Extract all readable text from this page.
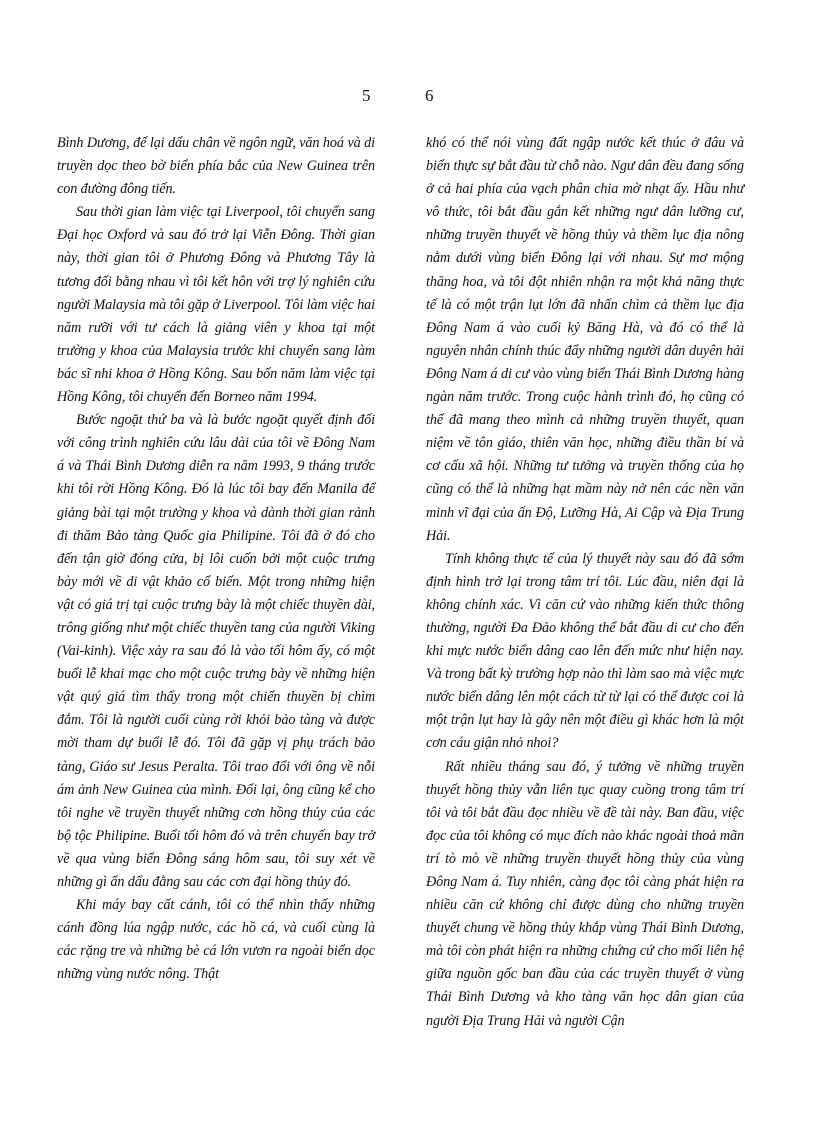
5	6

Bình Dương, để lại dấu chân về ngôn ngữ, văn hoá và di truyền dọc theo bờ biển phía bắc của New Guinea trên con đường đông tiến.

Sau thời gian làm việc tại Liverpool, tôi chuyển sang Đại học Oxford và sau đó trở lại Viễn Đông. Thời gian này, thời gian tôi ở Phương Đông và Phương Tây là tương đối bằng nhau vì tôi kết hôn với trợ lý nghiên cứu người Malaysia mà tôi gặp ở Liverpool. Tôi làm việc hai năm rưỡi với tư cách là giảng viên y khoa tại một trường y khoa của Malaysia trước khi chuyển sang làm bác sĩ nhi khoa ở Hồng Kông. Sau bốn năm làm việc tại Hồng Kông, tôi chuyển đến Borneo năm 1994.

Bước ngoặt thứ ba và là bước ngoặt quyết định đối với công trình nghiên cứu lâu dài của tôi về Đông Nam á và Thái Bình Dương diễn ra năm 1993, 9 tháng trước khi tôi rời Hồng Kông. Đó là lúc tôi bay đến Manila để giảng bài tại một trường y khoa và dành thời gian rảnh đi thăm Bảo tàng Quốc gia Philipine. Tôi đã ở đó cho đến tận giờ đóng cửa, bị lôi cuốn bởi một cuộc trưng bày mới về di vật khảo cổ biển. Một trong những hiện vật có giá trị tại cuộc trưng bày là một chiếc thuyền dài, trông giống như một chiếc thuyền tang của người Viking (Vai-kinh). Việc xảy ra sau đó là vào tối hôm ấy, có một buổi lễ khai mạc cho một cuộc trưng bày về những hiện vật quý giá tìm thấy trong một chiến thuyền bị chìm đắm. Tôi là người cuối cùng rời khỏi bảo tàng và được mời tham dự buổi lễ đó. Tôi đã gặp vị phụ trách bảo tàng, Giáo sư Jesus Peralta. Tôi trao đổi với ông về nỗi ám ảnh New Guinea của mình. Đổi lại, ông cũng kể cho tôi nghe về truyền thuyết những cơn hồng thủy của các bộ tộc Philipine. Buổi tối hôm đó và trên chuyến bay trở về qua vùng biển Đông sáng hôm sau, tôi suy xét về những gì ẩn dấu đằng sau các cơn đại hồng thủy đó.

Khi máy bay cất cánh, tôi có thể nhìn thấy những cánh đồng lúa ngập nước, các hồ cá, và cuối cùng là các rặng tre và những bè cá lớn vươn ra ngoài biển dọc những vùng nước nông. Thật

khó có thể nói vùng đất ngập nước kết thúc ở đâu và biển thực sự bắt đầu từ chỗ nào. Ngư dân đều đang sống ở cả hai phía của vạch phân chia mờ nhạt ấy. Hầu như vô thức, tôi bắt đầu gắn kết những ngư dân lưỡng cư, những truyền thuyết về hồng thủy và thềm lục địa nông nằm dưới vùng biển Đông lại với nhau. Sự mơ mộng thăng hoa, và tôi đột nhiên nhận ra một khả năng thực tế là có một trận lụt lớn đã nhấn chìm cả thềm lục địa Đông Nam á vào cuối kỷ Băng Hà, và đó có thể là nguyên nhân chính thúc đẩy những người dân duyên hải Đông Nam á di cư vào vùng biển Thái Bình Dương hàng ngàn năm trước. Trong cuộc hành trình đó, họ cũng có thể đã mang theo mình cả những truyền thuyết, quan niệm về tôn giáo, thiên văn học, những điều thần bí và cơ cấu xã hội. Những tư tưởng và truyền thống của họ cũng có thể là những hạt mầm này nở nên các nền văn minh vĩ đại của ấn Độ, Lưỡng Hà, Ai Cập và Địa Trung Hải.

Tính không thực tế của lý thuyết này sau đó đã sớm định hình trở lại trong tâm trí tôi. Lúc đầu, niên đại là không chính xác. Vì căn cứ vào những kiến thức thông thường, người Đa Đảo không thể bắt đầu di cư cho đến khi mực nước biển dâng cao lên đến mức như hiện nay. Và trong bất kỳ trường hợp nào thì làm sao mà việc mực nước biển dâng lên một cách từ từ lại có thể được coi là một trận lụt hay là gây nên một điều gì khác hơn là một cơn cáu giận nhỏ nhoi?

Rất nhiều tháng sau đó, ý tưởng về những truyền thuyết hồng thủy vẫn liên tục quay cuồng trong tâm trí tôi và tôi bắt đầu đọc nhiều về đề tài này. Ban đầu, việc đọc của tôi không có mục đích nào khác ngoài thoả mãn trí tò mò về những truyền thuyết hồng thủy của vùng Đông Nam á. Tuy nhiên, càng đọc tôi càng phát hiện ra nhiều căn cứ không chỉ được dùng cho những truyền thuyết chung về hồng thủy khắp vùng Thái Bình Dương, mà tôi còn phát hiện ra những chứng cứ cho mối liên hệ giữa nguồn gốc ban đầu của các truyền thuyết ở vùng Thái Bình Dương và kho tàng văn học dân gian của người Địa Trung Hải và người Cận

·
